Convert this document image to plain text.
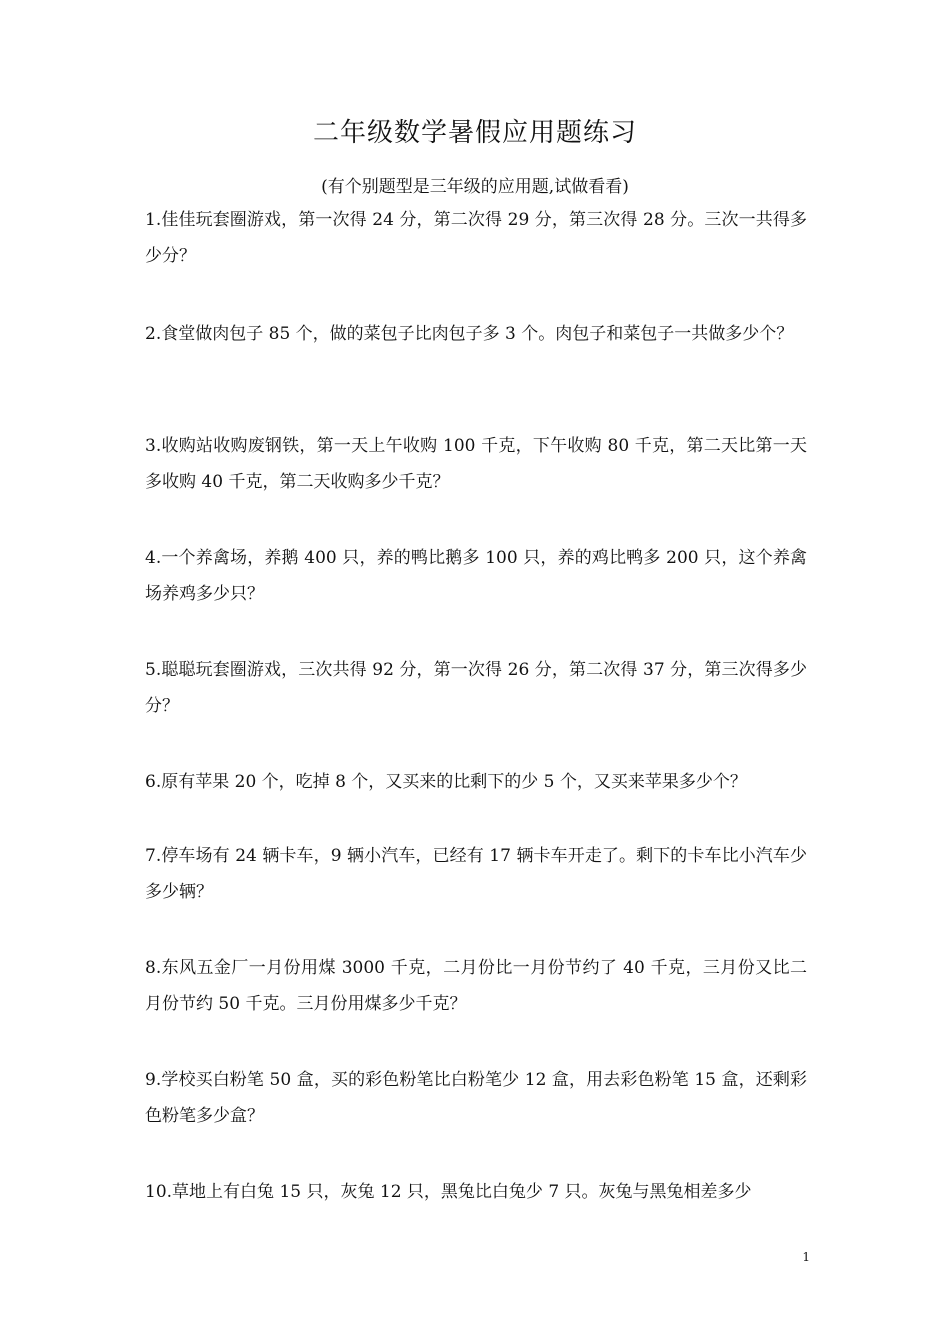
二年级数学暑假应用题练习
(有个别题型是三年级的应用题,试做看看)
1.佳佳玩套圈游戏，第一次得 24 分，第二次得 29 分，第三次得 28 分。三次一共得多少分？
2.食堂做肉包子 85 个，做的菜包子比肉包子多 3 个。肉包子和菜包子一共做多少个？
3.收购站收购废钢铁，第一天上午收购 100 千克，下午收购 80 千克，第二天比第一天多收购 40 千克，第二天收购多少千克？
4.一个养禽场，养鹅 400 只，养的鸭比鹅多 100 只，养的鸡比鸭多 200 只，这个养禽场养鸡多少只？
5.聪聪玩套圈游戏，三次共得 92 分，第一次得 26 分，第二次得 37 分，第三次得多少分？
6.原有苹果 20 个，吃掉 8 个，又买来的比剩下的少 5 个，又买来苹果多少个？
7.停车场有 24 辆卡车，9 辆小汽车，已经有 17 辆卡车开走了。剩下的卡车比小汽车少多少辆？
8.东风五金厂一月份用煤 3000 千克，二月份比一月份节约了 40 千克，三月份又比二月份节约 50 千克。三月份用煤多少千克？
9.学校买白粉笔 50 盒，买的彩色粉笔比白粉笔少 12 盒，用去彩色粉笔 15 盒，还剩彩色粉笔多少盒？
10.草地上有白兔 15 只，灰兔 12 只，黑兔比白兔少 7 只。灰兔与黑兔相差多少
1
